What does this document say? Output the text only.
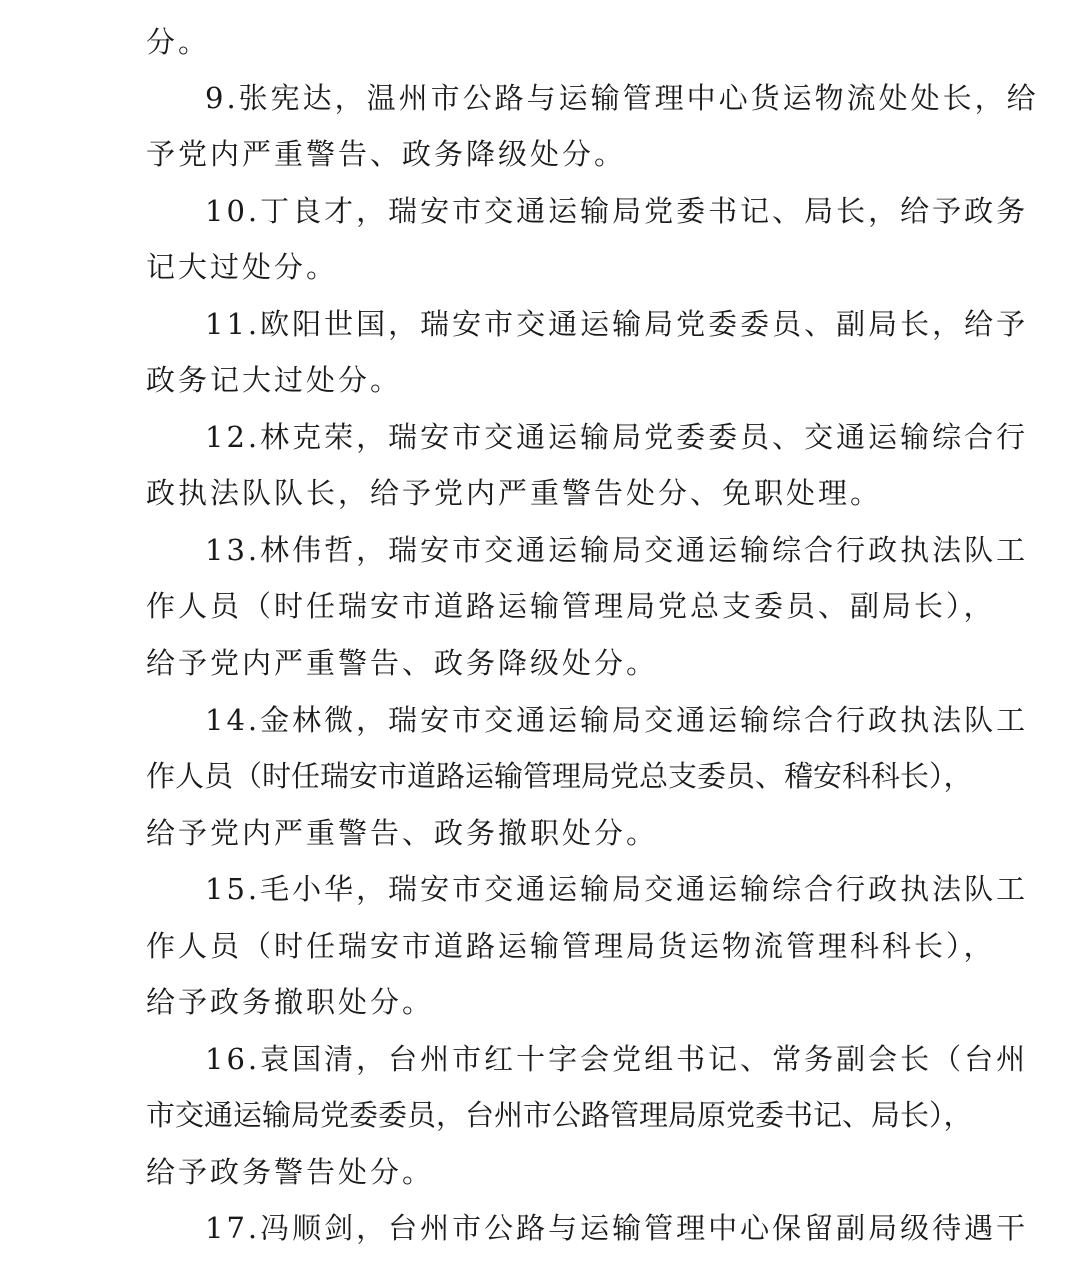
分。
9.张宪达，温州市公路与运输管理中心货运物流处处长，给
予党内严重警告、政务降级处分。
10.丁良才，瑞安市交通运输局党委书记、局长，给予政务
记大过处分。
11.欧阳世国，瑞安市交通运输局党委委员、副局长，给予
政务记大过处分。
12.林克荣，瑞安市交通运输局党委委员、交通运输综合行
政执法队队长，给予党内严重警告处分、免职处理。
13.林伟哲，瑞安市交通运输局交通运输综合行政执法队工
作人员（时任瑞安市道路运输管理局党总支委员、副局长），
给予党内严重警告、政务降级处分。
14.金林微，瑞安市交通运输局交通运输综合行政执法队工
作人员（时任瑞安市道路运输管理局党总支委员、稽安科科长），
给予党内严重警告、政务撤职处分。
15.毛小华，瑞安市交通运输局交通运输综合行政执法队工
作人员（时任瑞安市道路运输管理局货运物流管理科科长），
给予政务撤职处分。
16.袁国清，台州市红十字会党组书记、常务副会长（台州
市交通运输局党委委员，台州市公路管理局原党委书记、局长），
给予政务警告处分。
17.冯顺剑，台州市公路与运输管理中心保留副局级待遇干
